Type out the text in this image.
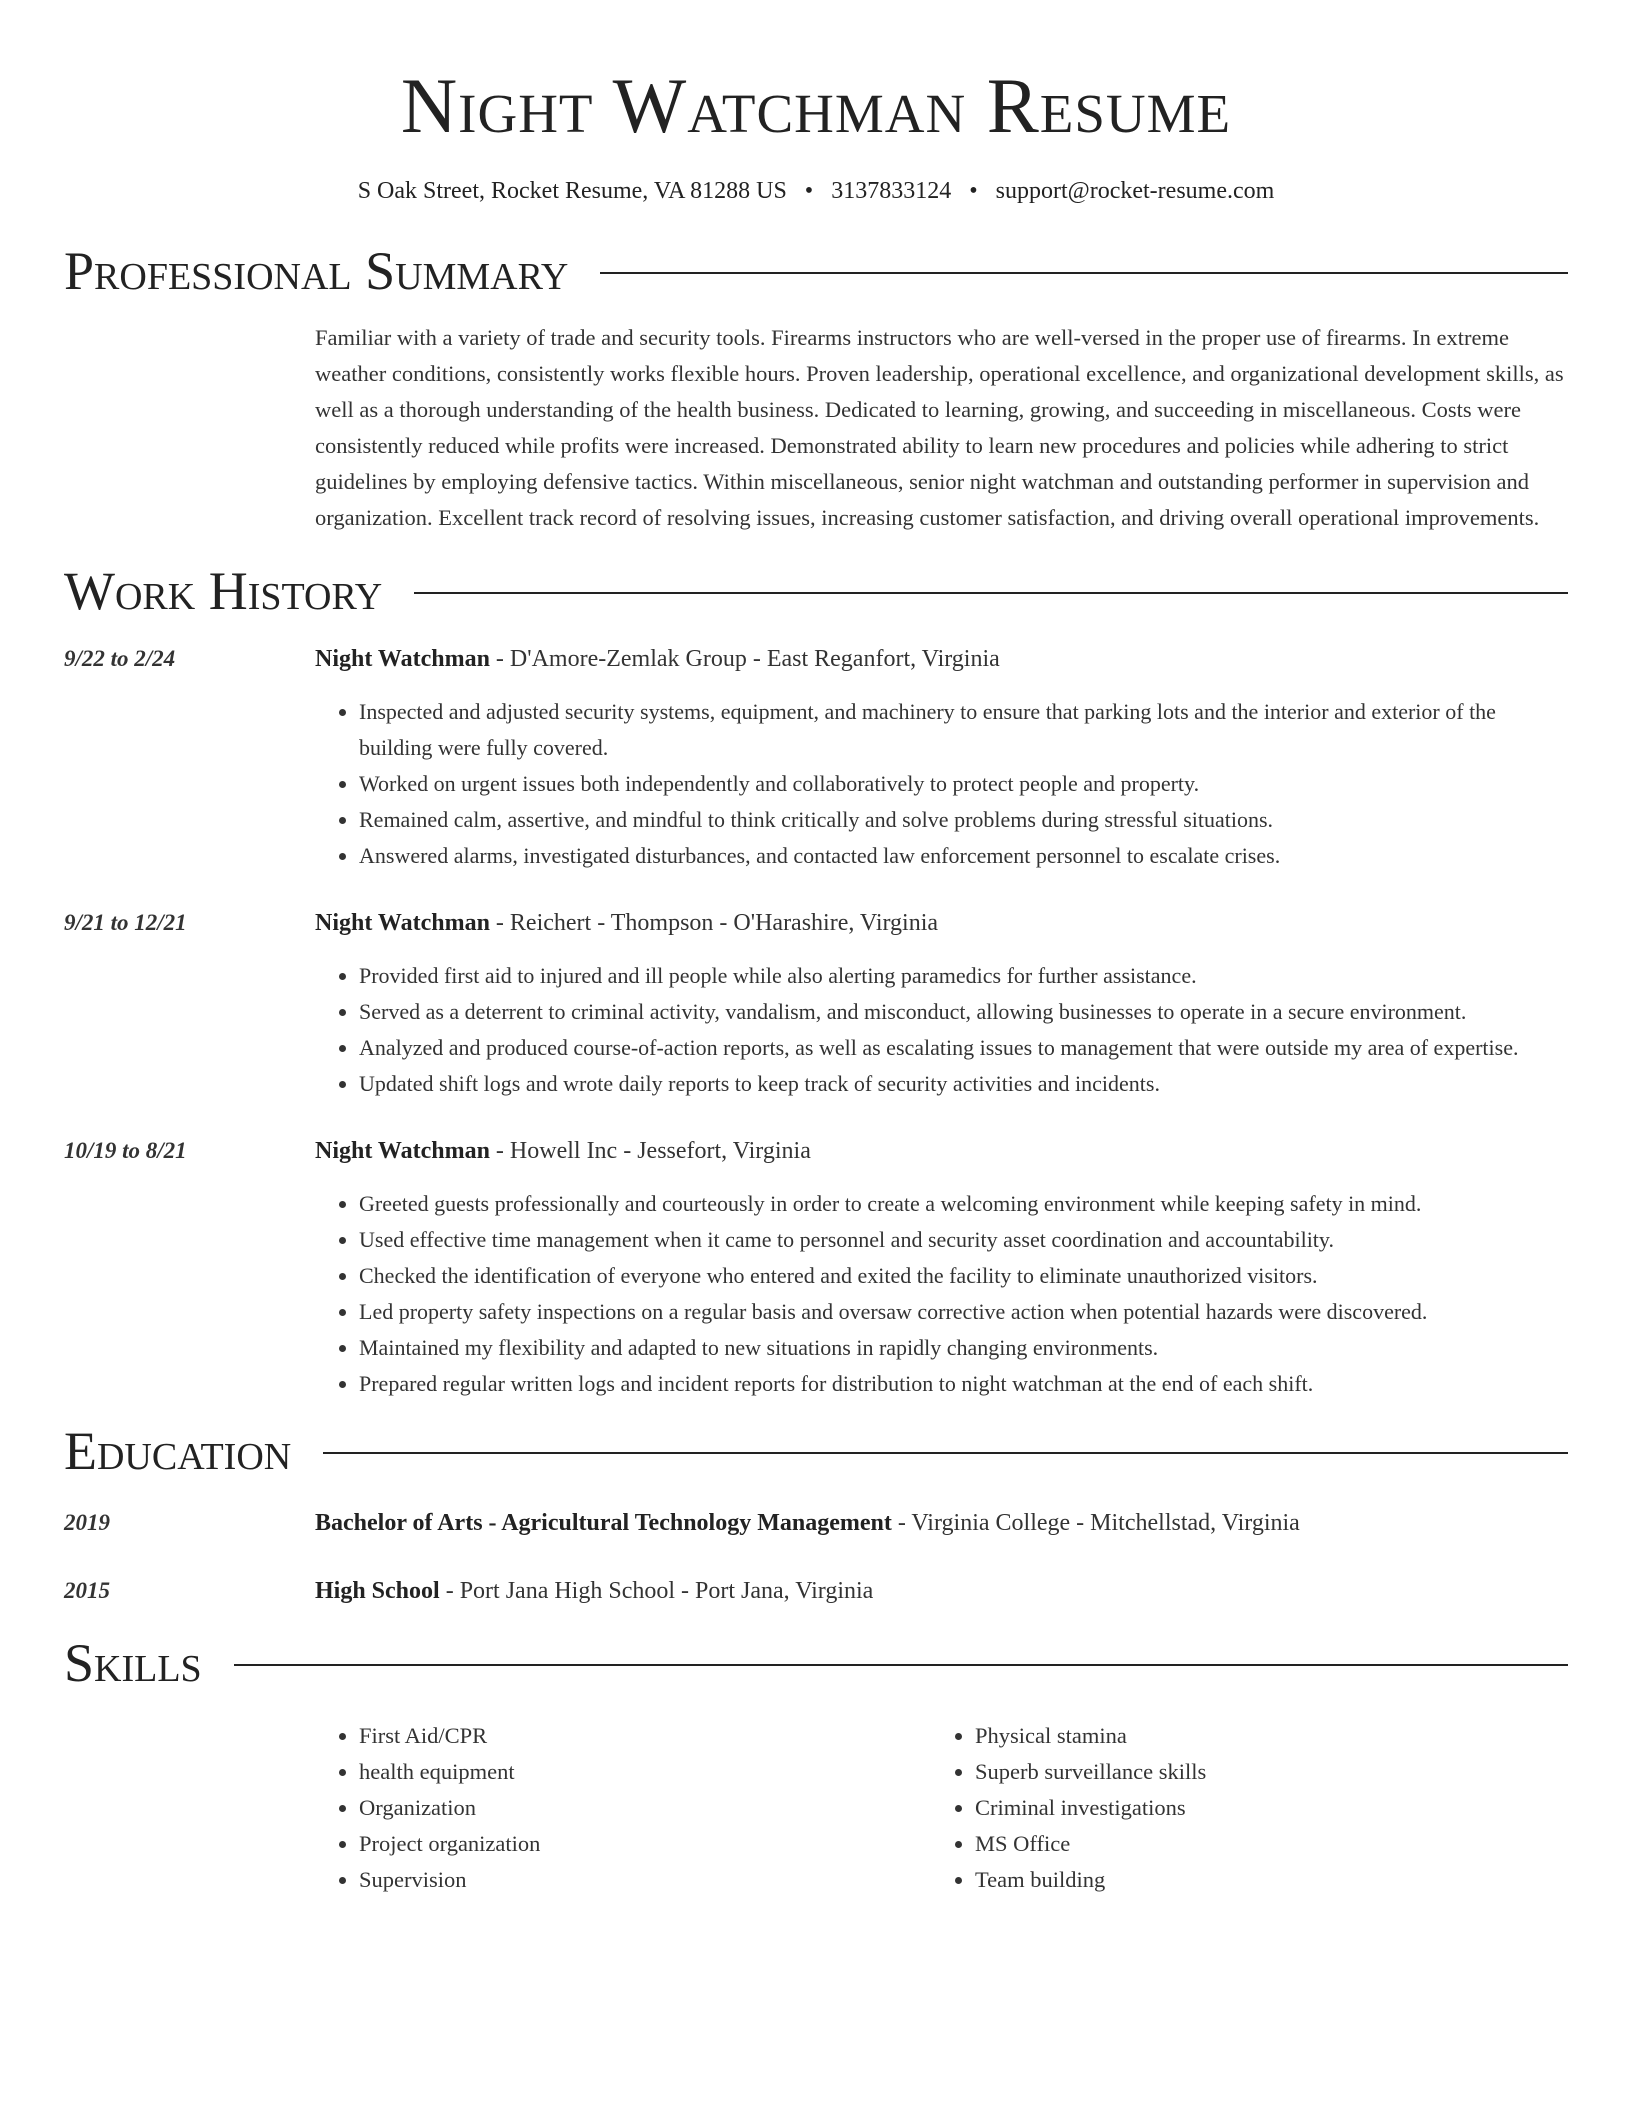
Night Watchman Resume
S Oak Street, Rocket Resume, VA 81288 US • 3137833124 • support@rocket-resume.com
Professional Summary
Familiar with a variety of trade and security tools. Firearms instructors who are well-versed in the proper use of firearms. In extreme weather conditions, consistently works flexible hours. Proven leadership, operational excellence, and organizational development skills, as well as a thorough understanding of the health business. Dedicated to learning, growing, and succeeding in miscellaneous. Costs were consistently reduced while profits were increased. Demonstrated ability to learn new procedures and policies while adhering to strict guidelines by employing defensive tactics. Within miscellaneous, senior night watchman and outstanding performer in supervision and organization. Excellent track record of resolving issues, increasing customer satisfaction, and driving overall operational improvements.
Work History
9/22 to 2/24	Night Watchman - D'Amore-Zemlak Group - East Reganfort, Virginia
• Inspected and adjusted security systems, equipment, and machinery to ensure that parking lots and the interior and exterior of the building were fully covered.
• Worked on urgent issues both independently and collaboratively to protect people and property.
• Remained calm, assertive, and mindful to think critically and solve problems during stressful situations.
• Answered alarms, investigated disturbances, and contacted law enforcement personnel to escalate crises.
9/21 to 12/21	Night Watchman - Reichert - Thompson - O'Harashire, Virginia
• Provided first aid to injured and ill people while also alerting paramedics for further assistance.
• Served as a deterrent to criminal activity, vandalism, and misconduct, allowing businesses to operate in a secure environment.
• Analyzed and produced course-of-action reports, as well as escalating issues to management that were outside my area of expertise.
• Updated shift logs and wrote daily reports to keep track of security activities and incidents.
10/19 to 8/21	Night Watchman - Howell Inc - Jessefort, Virginia
• Greeted guests professionally and courteously in order to create a welcoming environment while keeping safety in mind.
• Used effective time management when it came to personnel and security asset coordination and accountability.
• Checked the identification of everyone who entered and exited the facility to eliminate unauthorized visitors.
• Led property safety inspections on a regular basis and oversaw corrective action when potential hazards were discovered.
• Maintained my flexibility and adapted to new situations in rapidly changing environments.
• Prepared regular written logs and incident reports for distribution to night watchman at the end of each shift.
Education
2019	Bachelor of Arts - Agricultural Technology Management - Virginia College - Mitchellstad, Virginia
2015	High School - Port Jana High School - Port Jana, Virginia
Skills
• First Aid/CPR
• health equipment
• Organization
• Project organization
• Supervision
• Physical stamina
• Superb surveillance skills
• Criminal investigations
• MS Office
• Team building
